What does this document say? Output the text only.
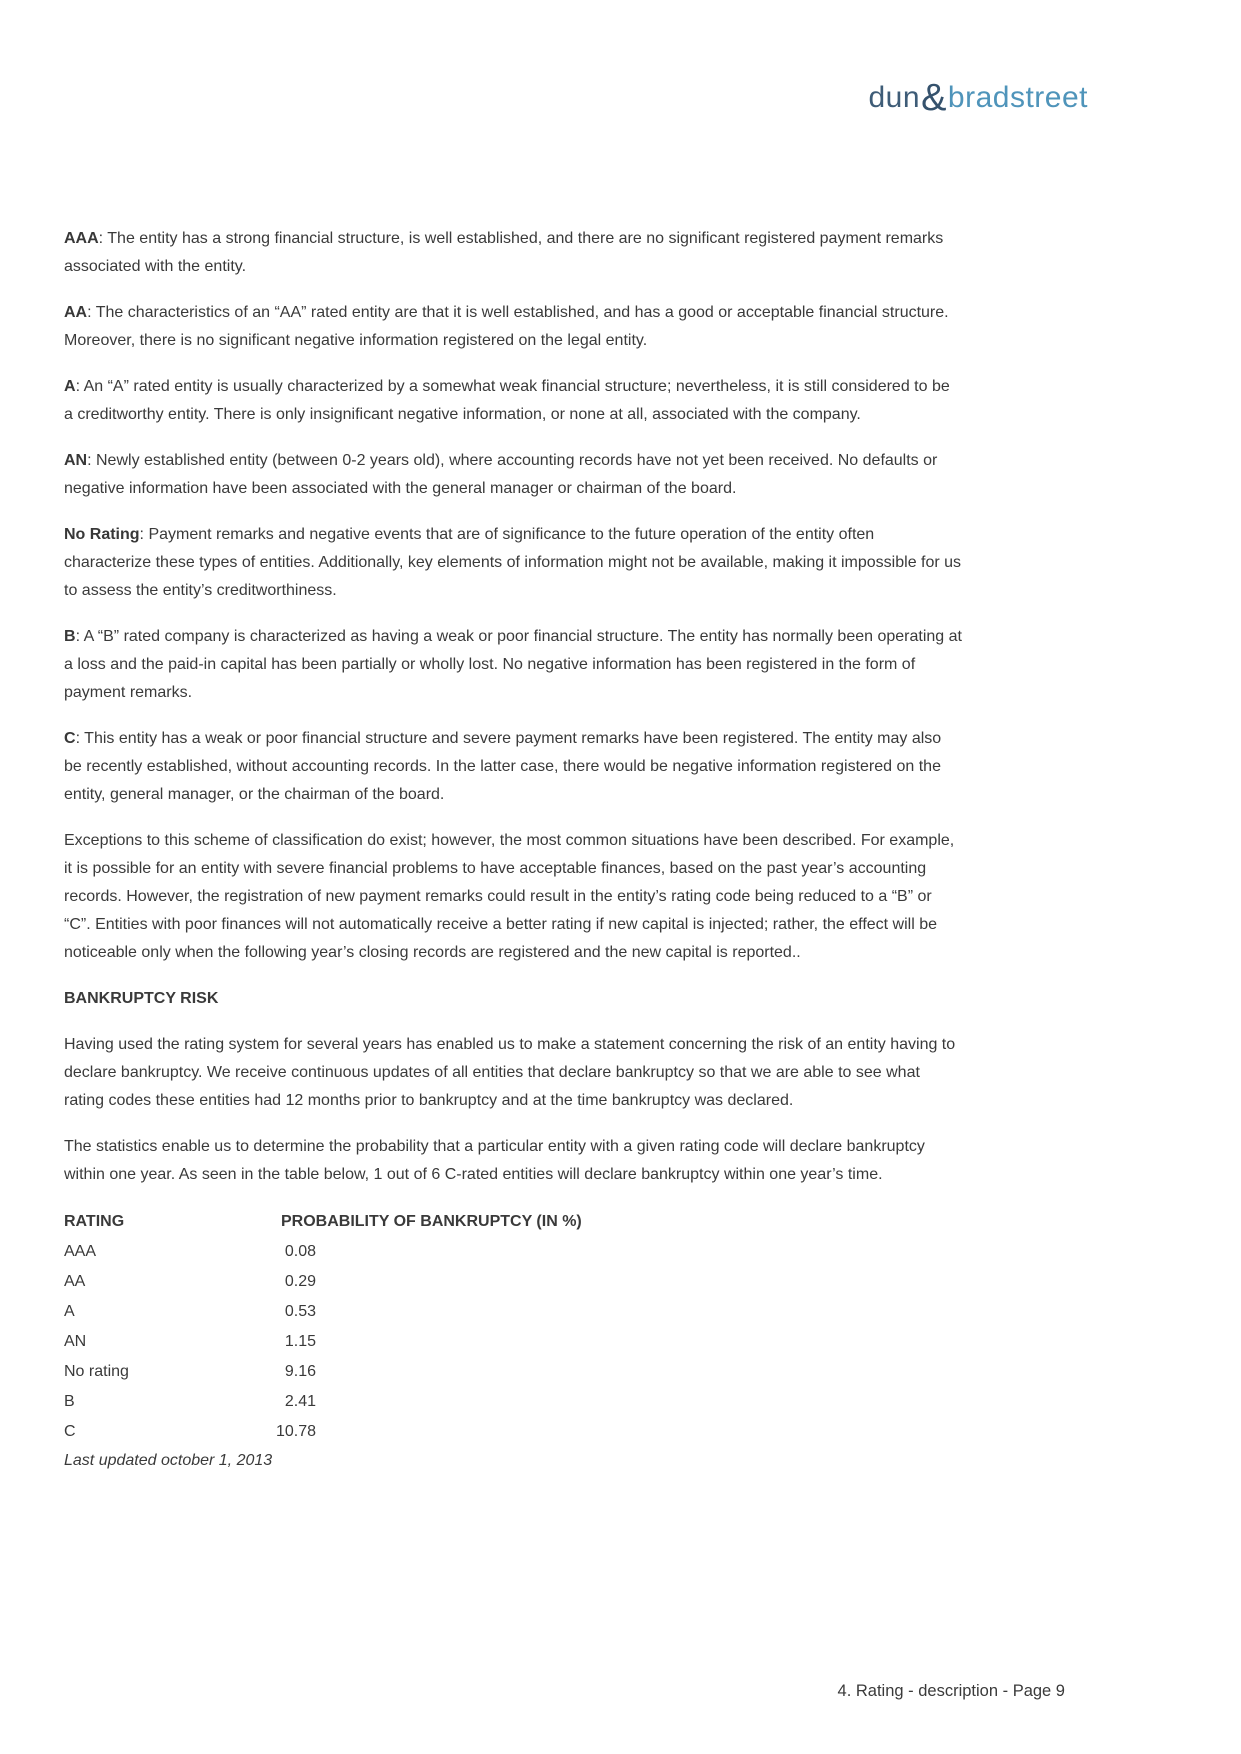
dun&bradstreet

AAA: The entity has a strong financial structure, is well established, and there are no significant registered payment remarks associated with the entity.

AA: The characteristics of an “AA” rated entity are that it is well established, and has a good or acceptable financial structure. Moreover, there is no significant negative information registered on the legal entity.

A: An “A” rated entity is usually characterized by a somewhat weak financial structure; nevertheless, it is still considered to be a creditworthy entity. There is only insignificant negative information, or none at all, associated with the company.

AN: Newly established entity (between 0-2 years old), where accounting records have not yet been received. No defaults or negative information have been associated with the general manager or chairman of the board.

No Rating: Payment remarks and negative events that are of significance to the future operation of the entity often characterize these types of entities. Additionally, key elements of information might not be available, making it impossible for us to assess the entity’s creditworthiness.

B: A “B” rated company is characterized as having a weak or poor financial structure. The entity has normally been operating at a loss and the paid-in capital has been partially or wholly lost. No negative information has been registered in the form of payment remarks.

C: This entity has a weak or poor financial structure and severe payment remarks have been registered. The entity may also be recently established, without accounting records. In the latter case, there would be negative information registered on the entity, general manager, or the chairman of the board.

Exceptions to this scheme of classification do exist; however, the most common situations have been described. For example, it is possible for an entity with severe financial problems to have acceptable finances, based on the past year’s accounting records. However, the registration of new payment remarks could result in the entity’s rating code being reduced to a “B” or “C”. Entities with poor finances will not automatically receive a better rating if new capital is injected; rather, the effect will be noticeable only when the following year’s closing records are registered and the new capital is reported..

BANKRUPTCY RISK

Having used the rating system for several years has enabled us to make a statement concerning the risk of an entity having to declare bankruptcy. We receive continuous updates of all entities that declare bankruptcy so that we are able to see what rating codes these entities had 12 months prior to bankruptcy and at the time bankruptcy was declared.

The statistics enable us to determine the probability that a particular entity with a given rating code will declare bankruptcy within one year. As seen in the table below, 1 out of 6 C-rated entities will declare bankruptcy within one year’s time.

RATING	PROBABILITY OF BANKRUPTCY (IN %)
AAA	0.08
AA	0.29
A	0.53
AN	1.15
No rating	9.16
B	2.41
C	10.78

Last updated october 1, 2013

4. Rating - description - Page 9
